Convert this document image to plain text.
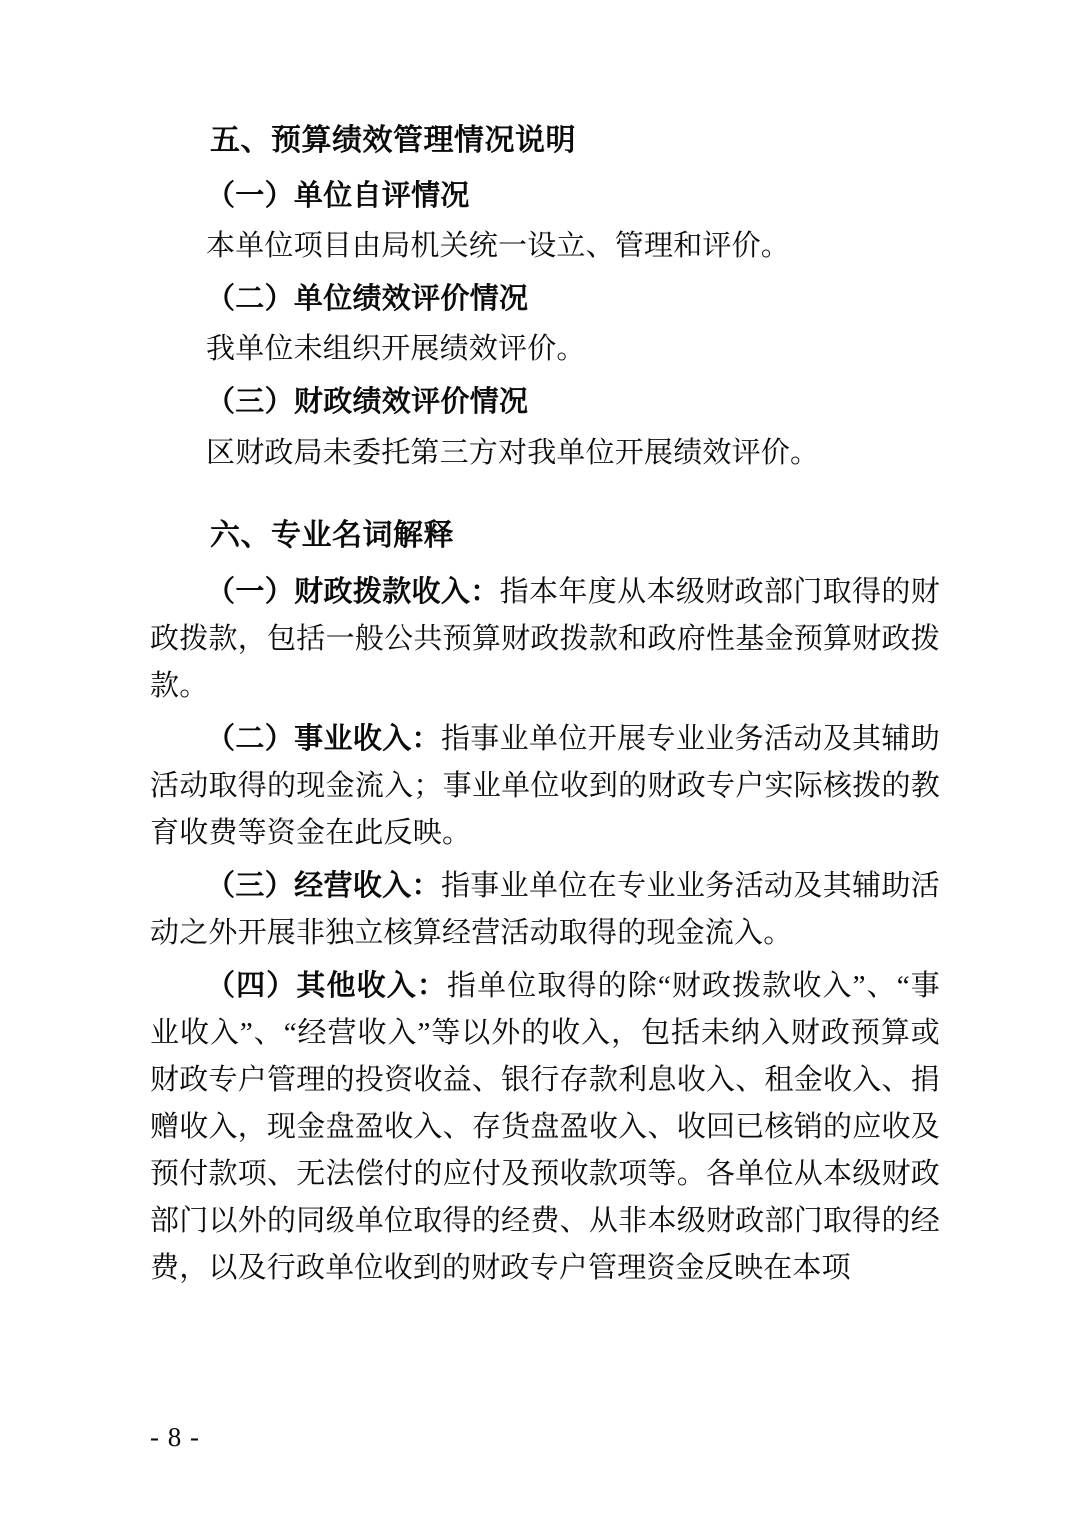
五、预算绩效管理情况说明
（一）单位自评情况

本单位项目由局机关统一设立、管理和评价。

（二）单位绩效评价情况

我单位未组织开展绩效评价。

（三）财政绩效评价情况

区财政局未委托第三方对我单位开展绩效评价。

六、专业名词解释

（一）财政拨款收入：指本年度从本级财政部门取得的财政拨款，包括一般公共预算财政拨款和政府性基金预算财政拨款。

（二）事业收入：指事业单位开展专业业务活动及其辅助活动取得的现金流入；事业单位收到的财政专户实际核拨的教育收费等资金在此反映。

（三）经营收入：指事业单位在专业业务活动及其辅助活动之外开展非独立核算经营活动取得的现金流入。

（四）其他收入：指单位取得的除“财政拨款收入”、“事业收入”、“经营收入”等以外的收入，包括未纳入财政预算或财政专户管理的投资收益、银行存款利息收入、租金收入、捐赠收入，现金盘盈收入、存货盘盈收入、收回已核销的应收及预付款项、无法偿付的应付及预收款项等。各单位从本级财政部门以外的同级单位取得的经费、从非本级财政部门取得的经费，以及行政单位收到的财政专户管理资金反映在本项

- 8 -
